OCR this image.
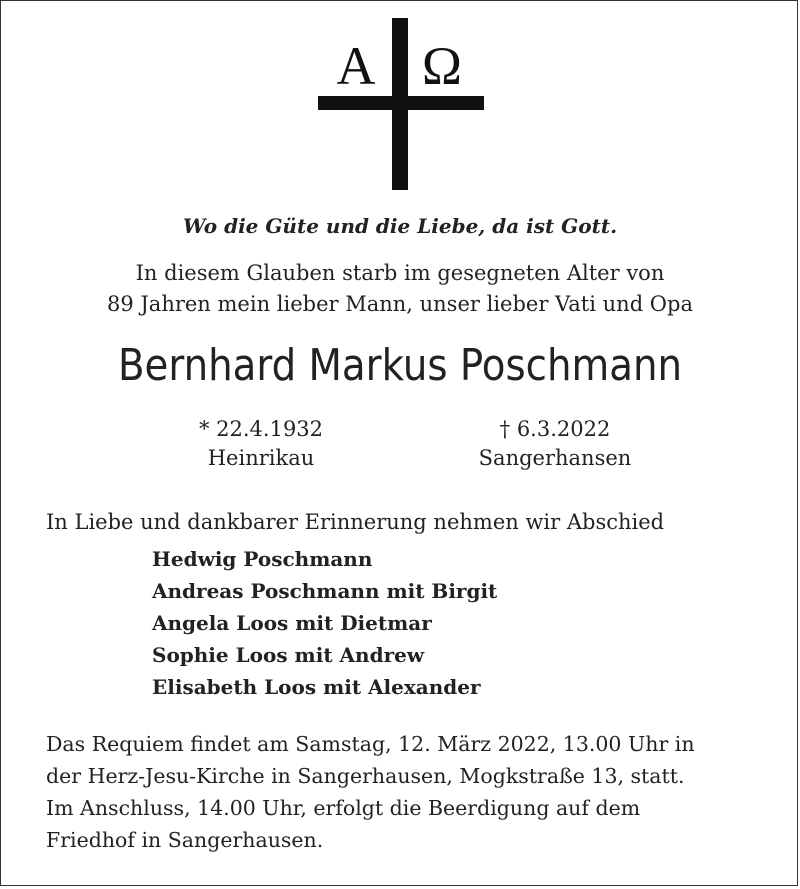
A Ω
Wo die Güte und die Liebe, da ist Gott.
In diesem Glauben starb im gesegneten Alter von
89 Jahren mein lieber Mann, unser lieber Vati und Opa
Bernhard Markus Poschmann
* 22.4.1932
Heinrikau
† 6.3.2022
Sangerhansen
In Liebe und dankbarer Erinnerung nehmen wir Abschied
Hedwig Poschmann
Andreas Poschmann mit Birgit
Angela Loos mit Dietmar
Sophie Loos mit Andrew
Elisabeth Loos mit Alexander
Das Requiem findet am Samstag, 12. März 2022, 13.00 Uhr in
der Herz-Jesu-Kirche in Sangerhausen, Mogkstraße 13, statt.
Im Anschluss, 14.00 Uhr, erfolgt die Beerdigung auf dem
Friedhof in Sangerhausen.
